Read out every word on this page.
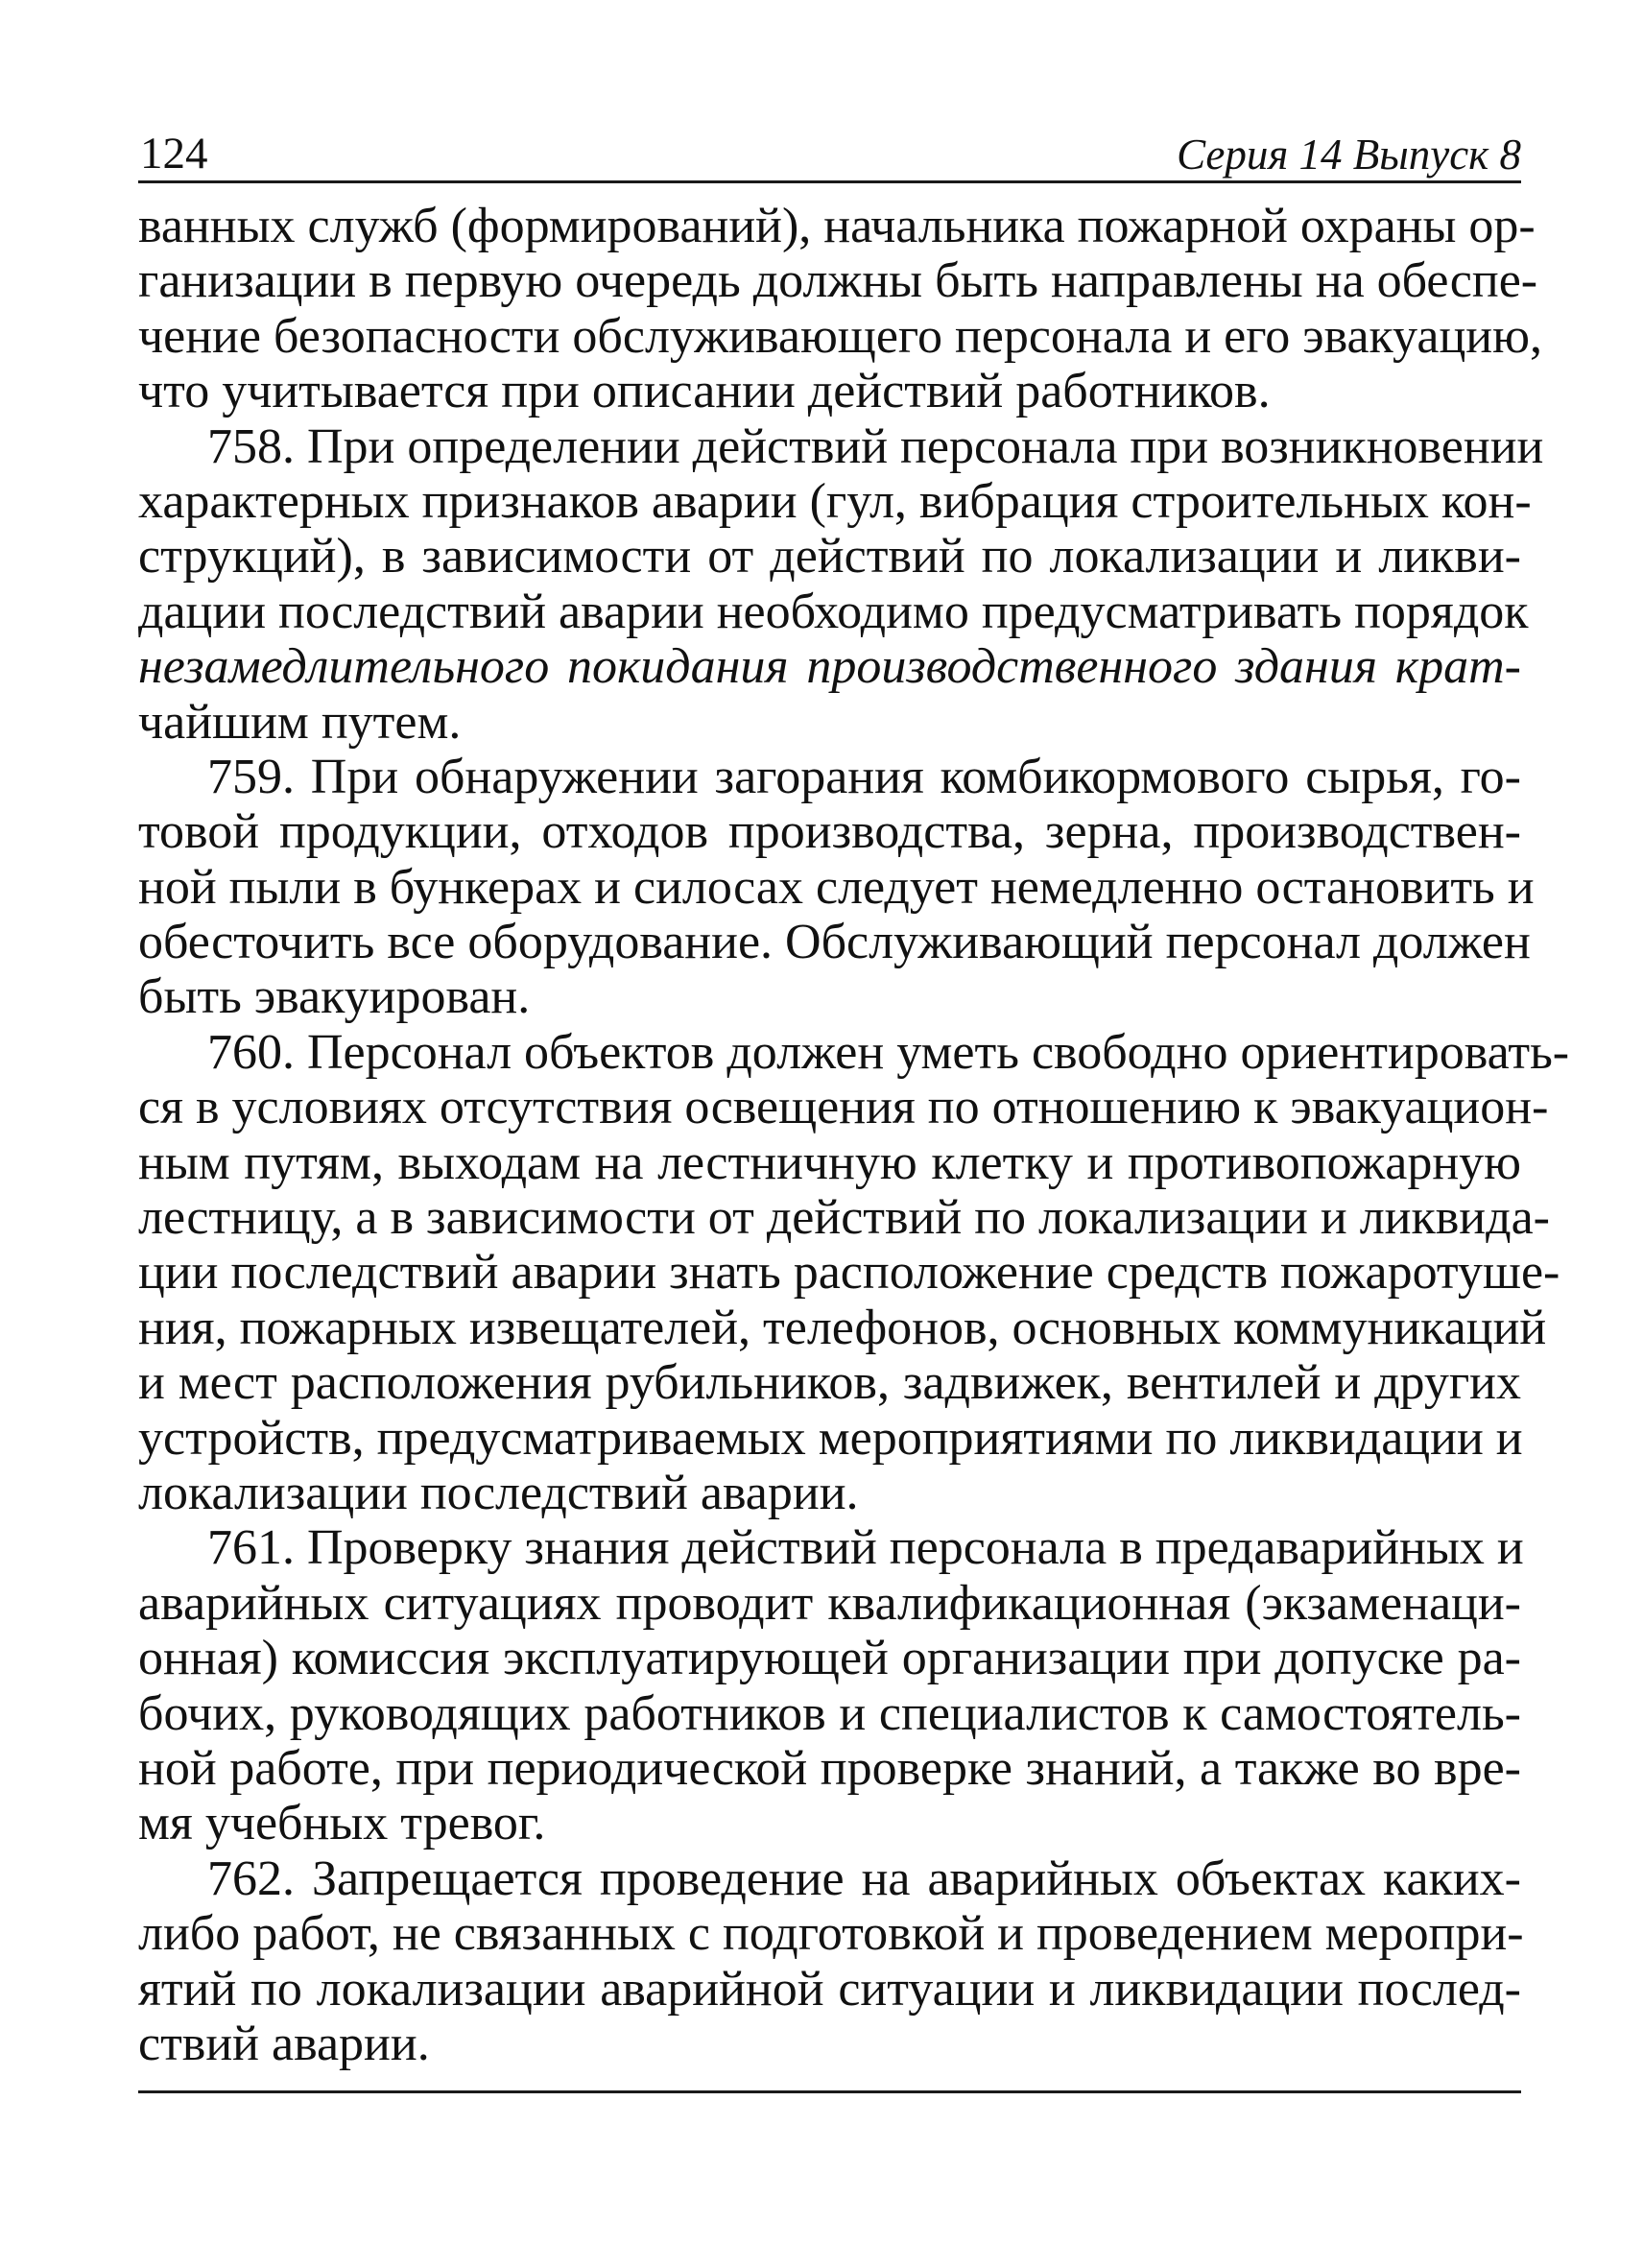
124	Серия 14 Выпуск 8
ванных служб (формирований), начальника пожарной охраны ор-
ганизации в первую очередь должны быть направлены на обеспе-
чение безопасности обслуживающего персонала и его эвакуацию,
что учитывается при описании действий работников.
758. При определении действий персонала при возникновении
характерных признаков аварии (гул, вибрация строительных кон-
струкций), в зависимости от действий по локализации и ликви-
дации последствий аварии необходимо предусматривать порядок
незамедлительного покидания производственного здания крат-
чайшим путем.
759. При обнаружении загорания комбикормового сырья, го-
товой продукции, отходов производства, зерна, производствен-
ной пыли в бункерах и силосах следует немедленно остановить и
обесточить все оборудование. Обслуживающий персонал должен
быть эвакуирован.
760. Персонал объектов должен уметь свободно ориентировать-
ся в условиях отсутствия освещения по отношению к эвакуацион-
ным путям, выходам на лестничную клетку и противопожарную
лестницу, а в зависимости от действий по локализации и ликвида-
ции последствий аварии знать расположение средств пожаротуше-
ния, пожарных извещателей, телефонов, основных коммуникаций
и мест расположения рубильников, задвижек, вентилей и других
устройств, предусматриваемых мероприятиями по ликвидации и
локализации последствий аварии.
761. Проверку знания действий персонала в предаварийных и
аварийных ситуациях проводит квалификационная (экзаменаци-
онная) комиссия эксплуатирующей организации при допуске ра-
бочих, руководящих работников и специалистов к самостоятель-
ной работе, при периодической проверке знаний, а также во вре-
мя учебных тревог.
762. Запрещается проведение на аварийных объектах каких-
либо работ, не связанных с подготовкой и проведением меропри-
ятий по локализации аварийной ситуации и ликвидации послед-
ствий аварии.
